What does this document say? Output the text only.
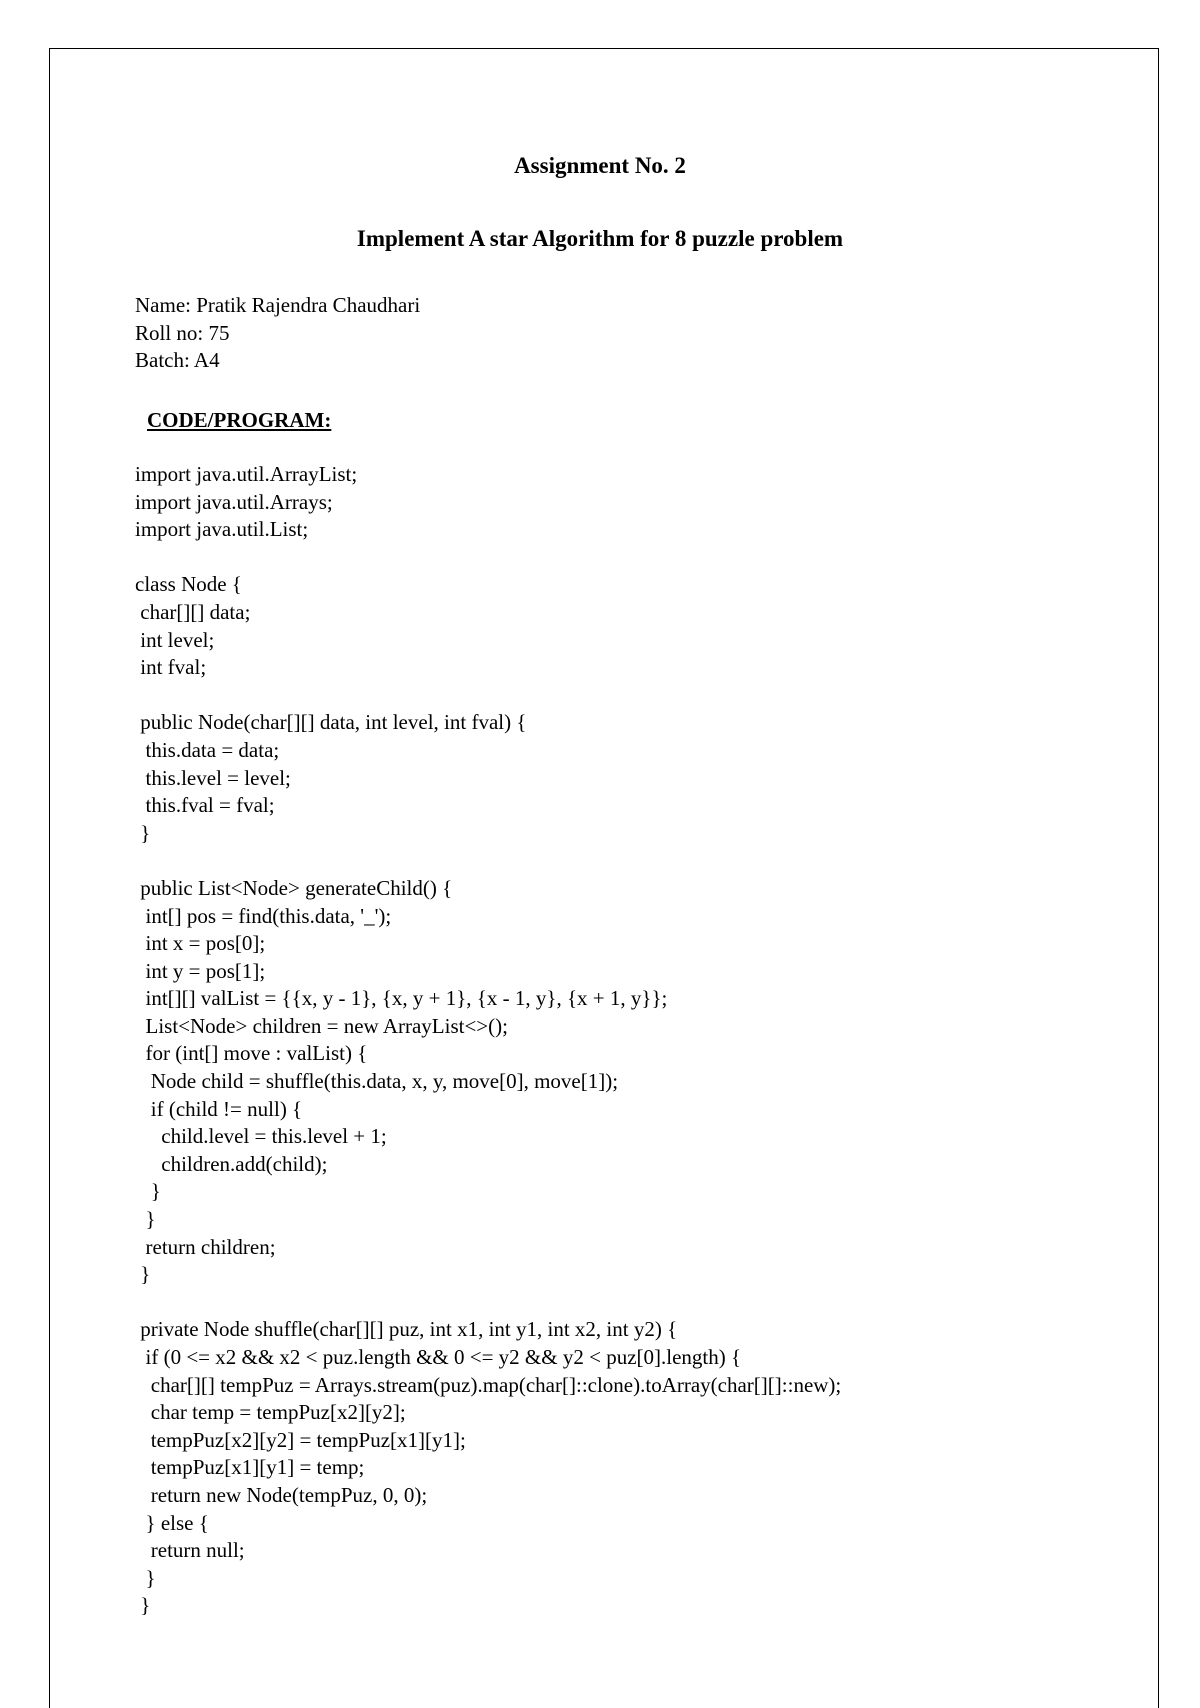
Assignment No. 2
Implement A star Algorithm for 8 puzzle problem
Name: Pratik Rajendra Chaudhari
Roll no: 75
Batch: A4
CODE/PROGRAM:
import java.util.ArrayList;
import java.util.Arrays;
import java.util.List;

class Node {
char[][] data;
int level;
int fval;

public Node(char[][] data, int level, int fval) {
this.data = data;
this.level = level;
this.fval = fval;
}

public List<Node> generateChild() {
int[] pos = find(this.data, '_');
int x = pos[0];
int y = pos[1];
int[][] valList = {{x, y - 1}, {x, y + 1}, {x - 1, y}, {x + 1, y}};
List<Node> children = new ArrayList<>();
for (int[] move : valList) {
Node child = shuffle(this.data, x, y, move[0], move[1]);
if (child != null) {
child.level = this.level + 1;
children.add(child);
}
}
return children;
}

private Node shuffle(char[][] puz, int x1, int y1, int x2, int y2) {
if (0 <= x2 && x2 < puz.length && 0 <= y2 && y2 < puz[0].length) {
char[][] tempPuz = Arrays.stream(puz).map(char[]::clone).toArray(char[][]::new);
char temp = tempPuz[x2][y2];
tempPuz[x2][y2] = tempPuz[x1][y1];
tempPuz[x1][y1] = temp;
return new Node(tempPuz, 0, 0);
} else {
return null;
}
}
